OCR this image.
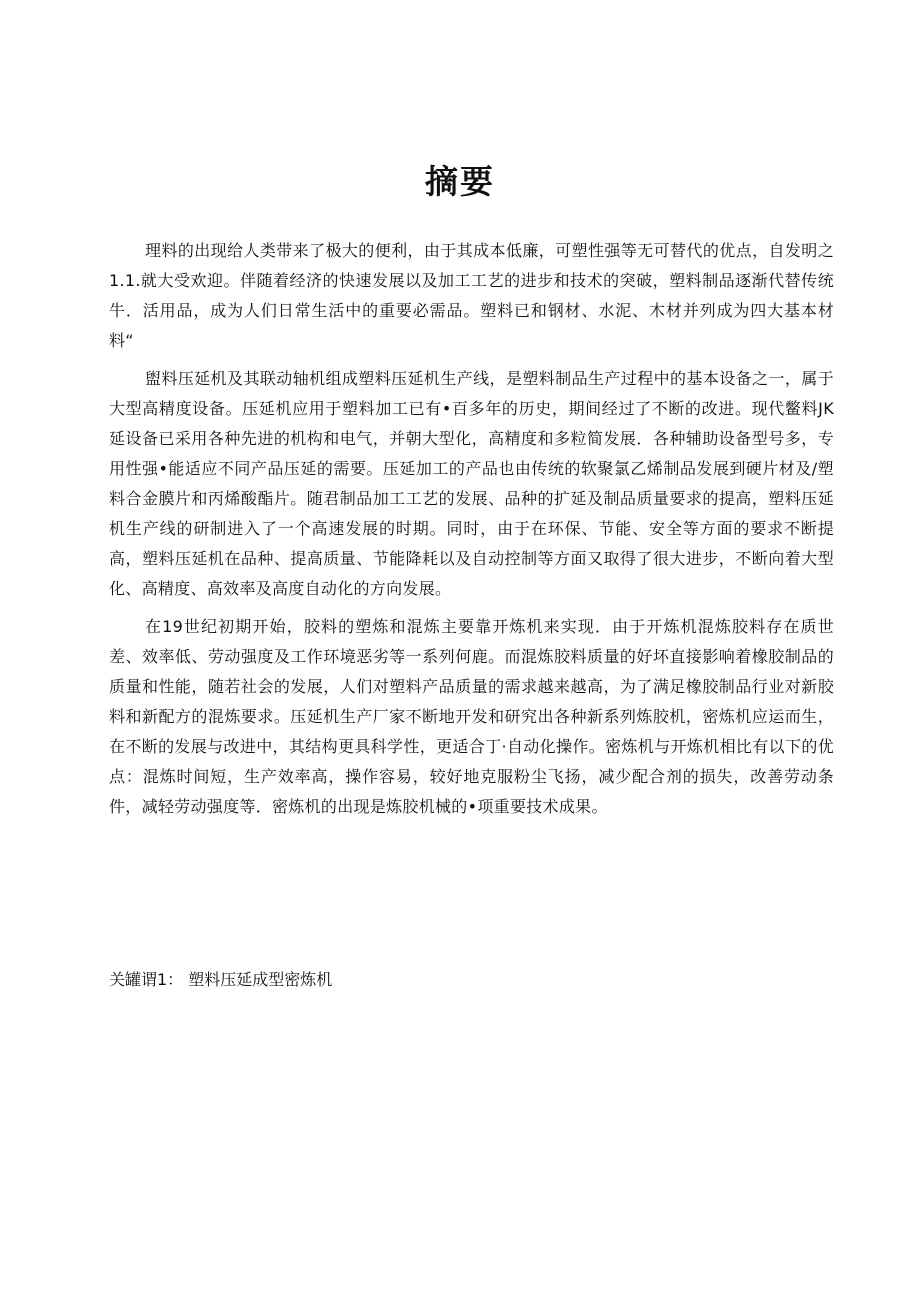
摘要

理料的出现给人类带来了极大的便利，由于其成本低廉，可塑性强等无可替代的优点，自发明之1.1.就大受欢迎。伴随着经济的快速发展以及加工工艺的进步和技术的突破，塑料制品逐渐代替传统牛．活用品，成为人们日常生活中的重要必需品。塑料已和钢材、水泥、木材并列成为四大基本材料“

盥料压延机及其联动轴机组成塑料压延机生产线，是塑料制品生产过程中的基本设备之一，属于大型高精度设备。压延机应用于塑料加工已有•百多年的历史，期间经过了不断的改进。现代鳖料JK延设备已采用各种先进的机构和电气，并朝大型化，高精度和多粒简发展．各种辅助设备型号多，专用性强•能适应不同产品压延的需要。压延加工的产品也由传统的软聚氯乙烯制品发展到硬片材及/塑料合金膜片和丙烯酸酯片。随君制品加工工艺的发展、品种的扩延及制品质量要求的提高，塑料压延机生产线的研制进入了一个高速发展的时期。同时，由于在环保、节能、安全等方面的要求不断提高，塑料压延机在品种、提高质量、节能降耗以及自动控制等方面又取得了很大进步，不断向着大型化、高精度、高效率及高度自动化的方向发展。

在19世纪初期开始，胶料的塑炼和混炼主要靠开炼机来实现．由于开炼机混炼胶料存在质世差、效率低、劳动强度及工作环境恶劣等一系列何鹿。而混炼胶料质量的好坏直接影响着橡胶制品的质量和性能，随若社会的发展，人们对塑料产品质量的需求越来越高，为了满足橡胶制品行业对新胶料和新配方的混炼要求。压延机生产厂家不断地开发和研究出各种新系列炼胶机，密炼机应运而生，在不断的发展与改进中，其结构更具科学性，更适合丁·自动化操作。密炼机与开炼机相比有以下的优点：混炼时间短，生产效率高，操作容易，较好地克服粉尘飞扬，减少配合剂的损失，改善劳动条件，减轻劳动强度等．密炼机的出现是炼胶机械的•项重要技术成果。

关罐谓1： 塑料压延成型密炼机
